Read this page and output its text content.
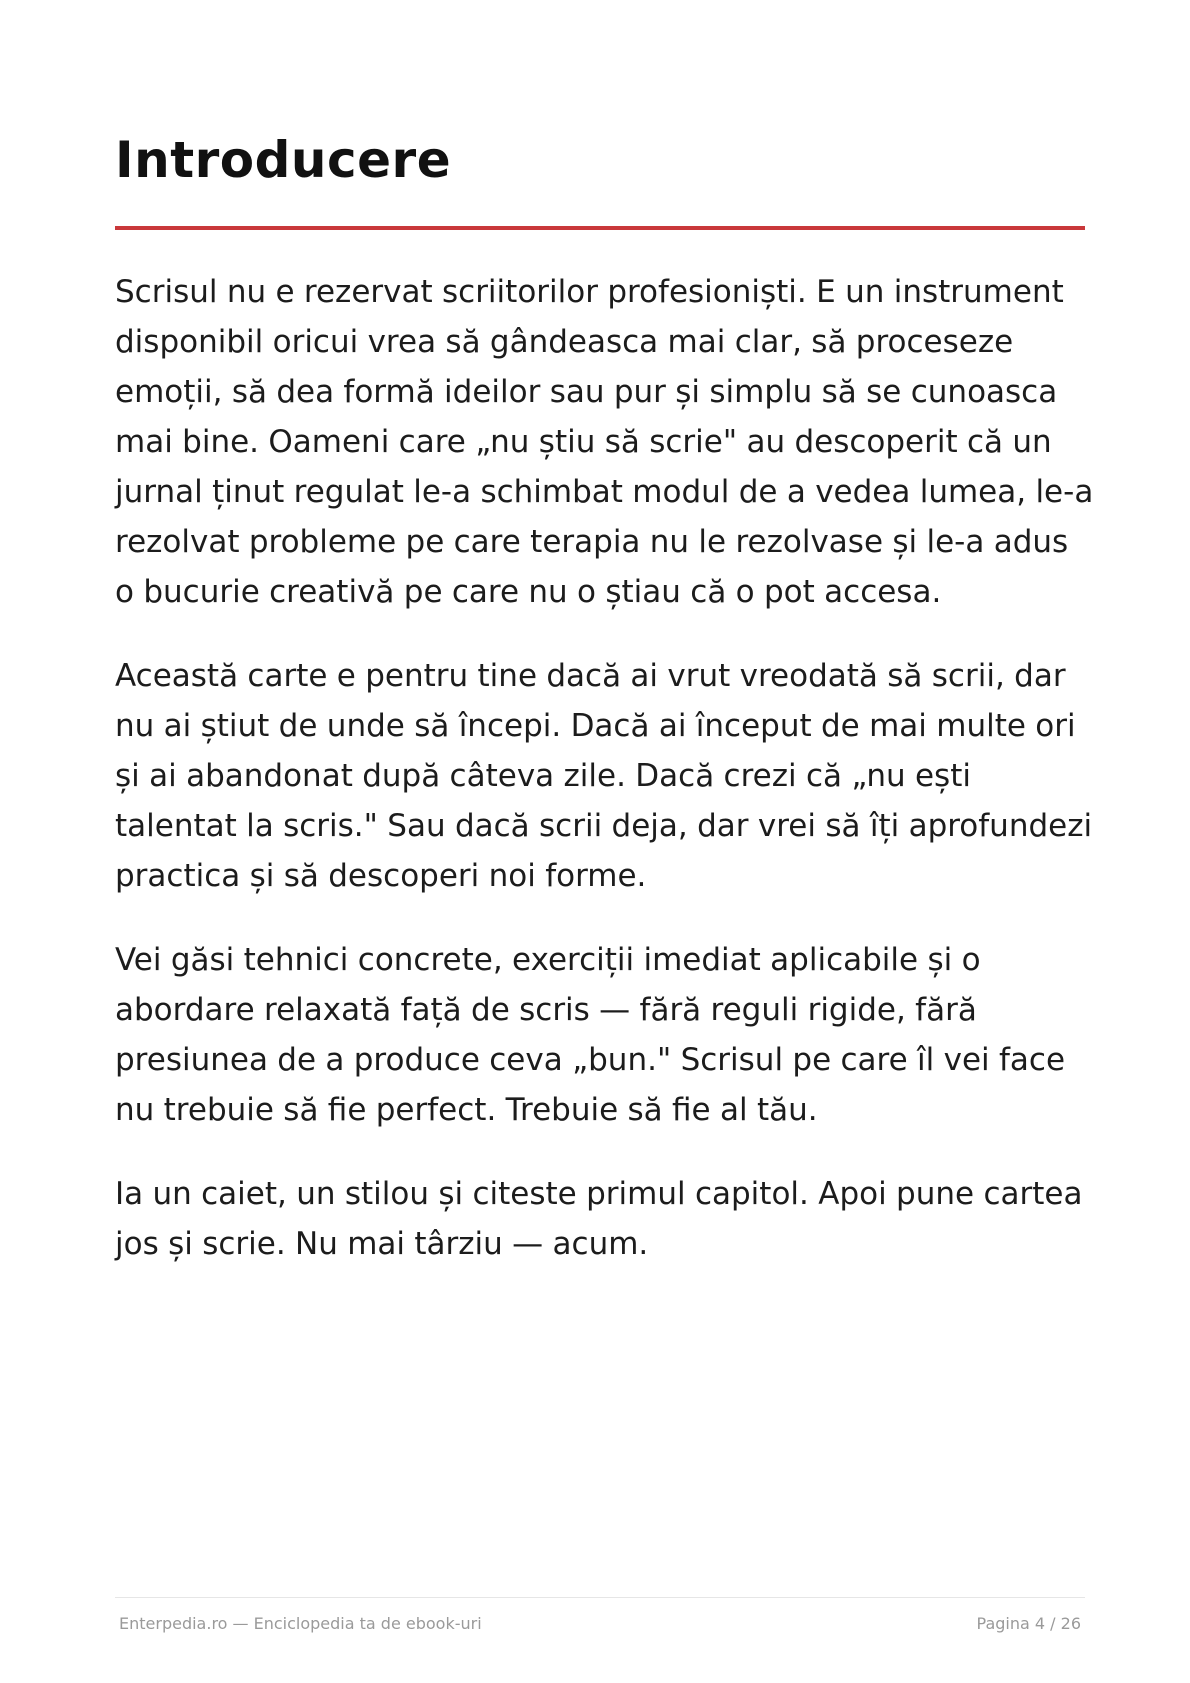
Introducere

Scrisul nu e rezervat scriitorilor profesioniști. E un instrument disponibil oricui vrea să gândeasca mai clar, să proceseze emoții, să dea formă ideilor sau pur și simplu să se cunoasca mai bine. Oameni care „nu știu să scrie" au descoperit că un jurnal ținut regulat le-a schimbat modul de a vedea lumea, le-a rezolvat probleme pe care terapia nu le rezolvase și le-a adus o bucurie creativă pe care nu o știau că o pot accesa.

Această carte e pentru tine dacă ai vrut vreodată să scrii, dar nu ai știut de unde să începi. Dacă ai început de mai multe ori și ai abandonat după câteva zile. Dacă crezi că „nu ești talentat la scris." Sau dacă scrii deja, dar vrei să îți aprofundezi practica și să descoperi noi forme.

Vei găsi tehnici concrete, exerciții imediat aplicabile și o abordare relaxată față de scris — fără reguli rigide, fără presiunea de a produce ceva „bun." Scrisul pe care îl vei face nu trebuie să fie perfect. Trebuie să fie al tău.

Ia un caiet, un stilou și citeste primul capitol. Apoi pune cartea jos și scrie. Nu mai târziu — acum.

Enterpedia.ro — Enciclopedia ta de ebook-uri	Pagina 4 / 26
